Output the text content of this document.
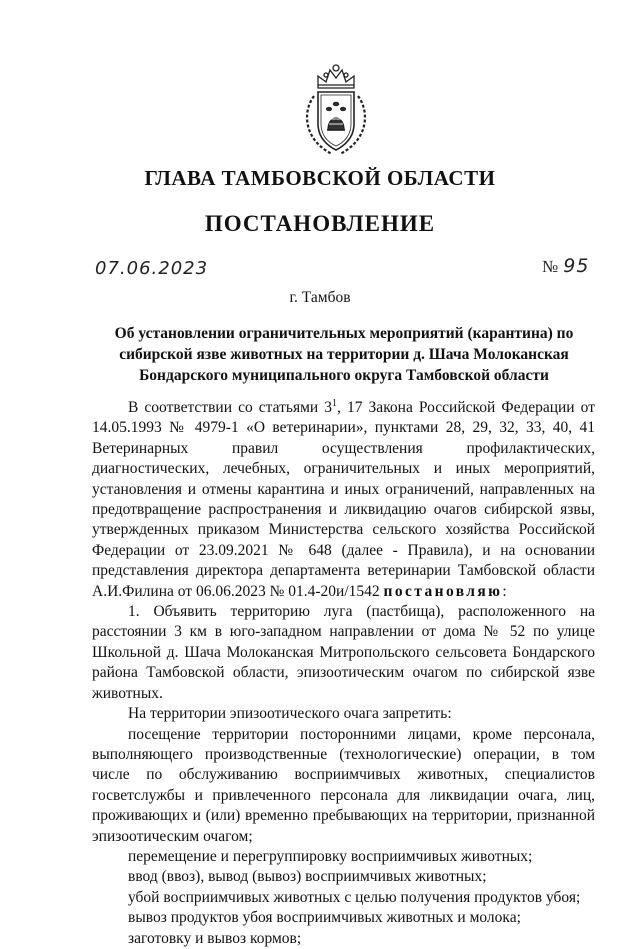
ГЛАВА ТАМБОВСКОЙ ОБЛАСТИ
ПОСТАНОВЛЕНИЕ
07.06.2023	№ 95
г. Тамбов
Об установлении ограничительных мероприятий (карантина) по
сибирской язве животных на территории д. Шача Молоканская
Бондарского муниципального округа Тамбовской области

В соответствии со статьями $3^1$, 17 Закона Российской Федерации от 14.05.1993 № 4979-1 «О ветеринарии», пунктами 28, 29, 32, 33, 40, 41 Ветеринарных правил осуществления профилактических, диагностических, лечебных, ограничительных и иных мероприятий, установления и отмены карантина и иных ограничений, направленных на предотвращение распространения и ликвидацию очагов сибирской язвы, утвержденных приказом Министерства сельского хозяйства Российской Федерации от 23.09.2021 № 648 (далее - Правила), и на основании представления директора департамента ветеринарии Тамбовской области А.И.Филина от 06.06.2023 № 01.4-20и/1542 постановляю:

1. Объявить территорию луга (пастбища), расположенного на расстоянии 3 км в юго-западном направлении от дома № 52 по улице Школьной д. Шача Молоканская Митропольского сельсовета Бондарского района Тамбовской области, эпизоотическим очагом по сибирской язве животных.

На территории эпизоотического очага запретить:

посещение территории посторонними лицами, кроме персонала, выполняющего производственные (технологические) операции, в том числе по обслуживанию восприимчивых животных, специалистов госветслужбы и привлеченного персонала для ликвидации очага, лиц, проживающих и (или) временно пребывающих на территории, признанной эпизоотическим очагом;

перемещение и перегруппировку восприимчивых животных;

ввод (ввоз), вывод (вывоз) восприимчивых животных;

убой восприимчивых животных с целью получения продуктов убоя;

вывоз продуктов убоя восприимчивых животных и молока;

заготовку и вывоз кормов;
